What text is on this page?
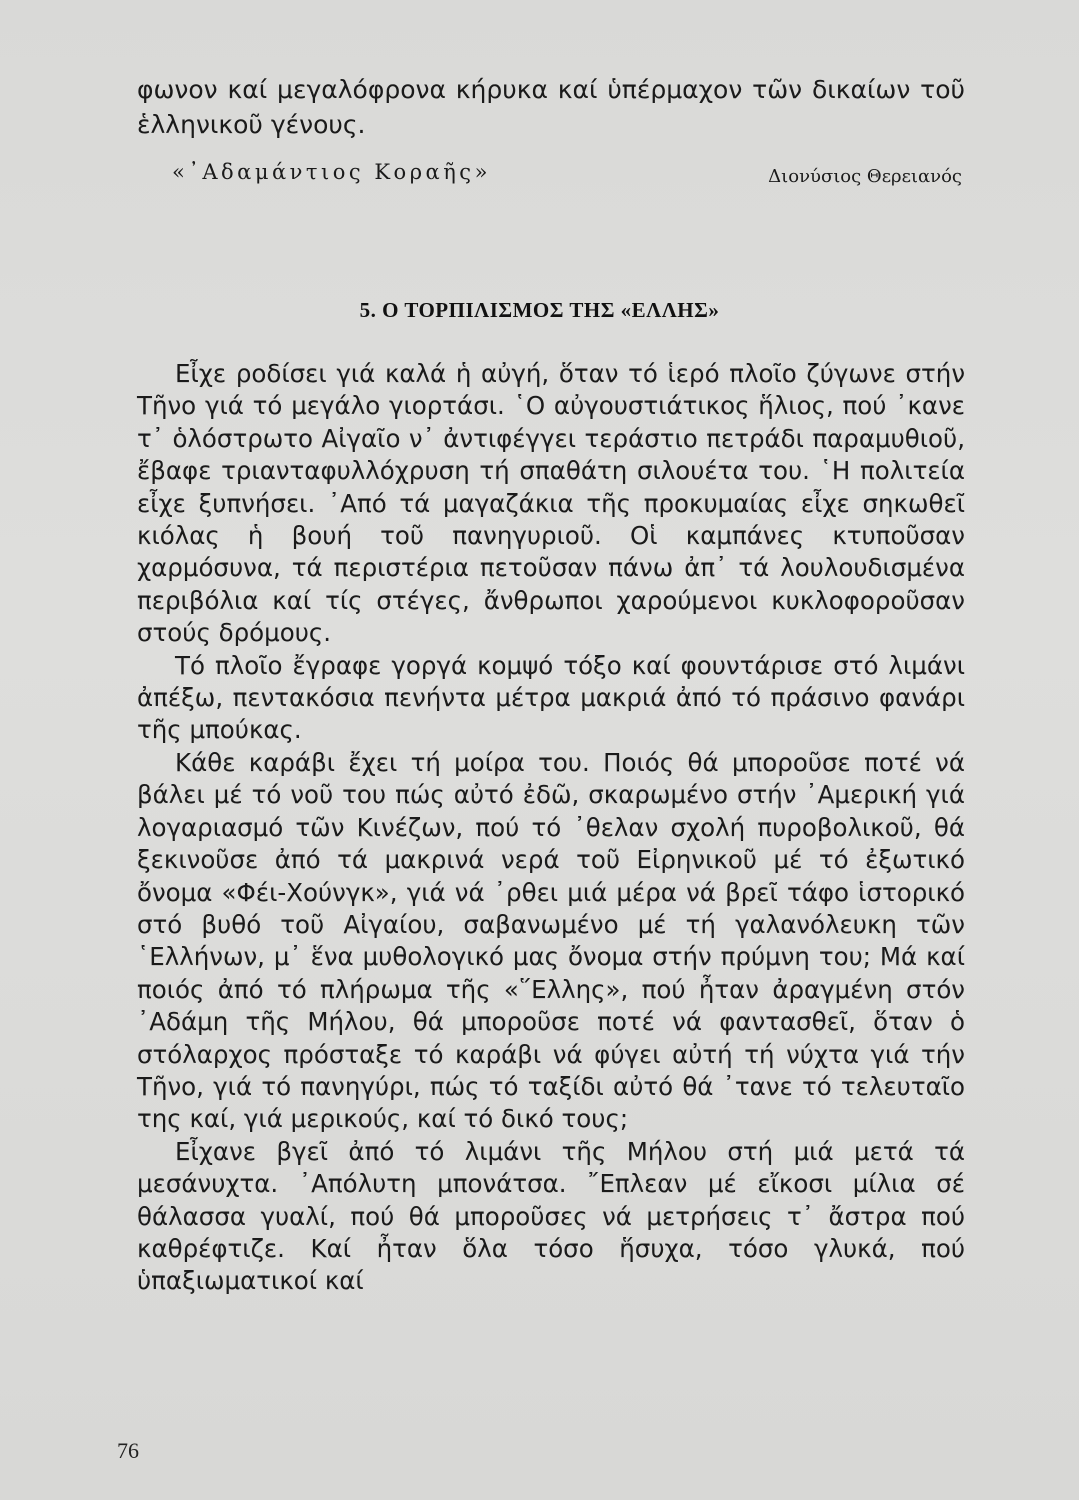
φωνον καί μεγαλόφρονα κήρυκα καί ὑπέρμαχον τῶν δικαίων τοῦ ἑλληνικοῦ γένους.

«᾿Αδαμάντιος Κοραῆς»	Διονύσιος Θερειανός
5. Ο ΤΟΡΠΙΛΙΣΜΟΣ ΤΗΣ «ΕΛΛΗΣ»

Εἶχε ροδίσει γιά καλά ἡ αὐγή, ὅταν τό ἱερό πλοῖο ζύγωνε στήν Τῆνο γιά τό μεγάλο γιορτάσι. ῾Ο αὐγουστιάτικος ἥλιος, πού ᾿κανε τ᾿ ὁλόστρωτο Αἰγαῖο ν᾿ ἀντιφέγγει τεράστιο πετράδι παραμυθιοῦ, ἔβαφε τριανταφυλλόχρυση τή σπαθάτη σιλουέτα του. ῾Η πολιτεία εἶχε ξυπνήσει. ᾿Από τά μαγαζάκια τῆς προκυμαίας εἶχε σηκωθεῖ κιόλας ἡ βουή τοῦ πανηγυριοῦ. Οἱ καμπάνες κτυποῦσαν χαρμόσυνα, τά περιστέρια πετοῦσαν πάνω ἀπ᾿ τά λουλουδισμένα περιβόλια καί τίς στέγες, ἄνθρωποι χαρούμενοι κυκλοφοροῦσαν στούς δρόμους.

Τό πλοῖο ἔγραφε γοργά κομψό τόξο καί φουντάρισε στό λιμάνι ἀπέξω, πεντακόσια πενήντα μέτρα μακριά ἀπό τό πράσινο φανάρι τῆς μπούκας.

Κάθε καράβι ἔχει τή μοίρα του. Ποιός θά μποροῦσε ποτέ νά βάλει μέ τό νοῦ του πώς αὐτό ἐδῶ, σκαρωμένο στήν ᾿Αμερική γιά λογαριασμό τῶν Κινέζων, πού τό ᾿θελαν σχολή πυροβολικοῦ, θά ξεκινοῦσε ἀπό τά μακρινά νερά τοῦ Εἰρηνικοῦ μέ τό ἐξωτικό ὄνομα «Φέι-Χούνγκ», γιά νά ᾿ρθει μιά μέρα νά βρεῖ τάφο ἱστορικό στό βυθό τοῦ Αἰγαίου, σαβανωμένο μέ τή γαλανόλευκη τῶν ῾Ελλήνων, μ᾿ ἕνα μυθολογικό μας ὄνομα στήν πρύμνη του; Μά καί ποιός ἀπό τό πλήρωμα τῆς «῞Ελλης», πού ἦταν ἀραγμένη στόν ᾿Αδάμη τῆς Μήλου, θά μποροῦσε ποτέ νά φαντασθεῖ, ὅταν ὁ στόλαρχος πρόσταξε τό καράβι νά φύγει αὐτή τή νύχτα γιά τήν Τῆνο, γιά τό πανηγύρι, πώς τό ταξίδι αὐτό θά ᾿τανε τό τελευταῖο της καί, γιά μερικούς, καί τό δικό τους;

Εἶχανε βγεῖ ἀπό τό λιμάνι τῆς Μήλου στή μιά μετά τά μεσάνυχτα. ᾿Απόλυτη μπονάτσα. ῎Επλεαν μέ εἴκοσι μίλια σέ θάλασσα γυαλί, πού θά μποροῦσες νά μετρήσεις τ᾿ ἄστρα πού καθρέφτιζε. Καί ἦταν ὅλα τόσο ἥσυχα, τόσο γλυκά, πού ὑπαξιωματικοί καί

76
